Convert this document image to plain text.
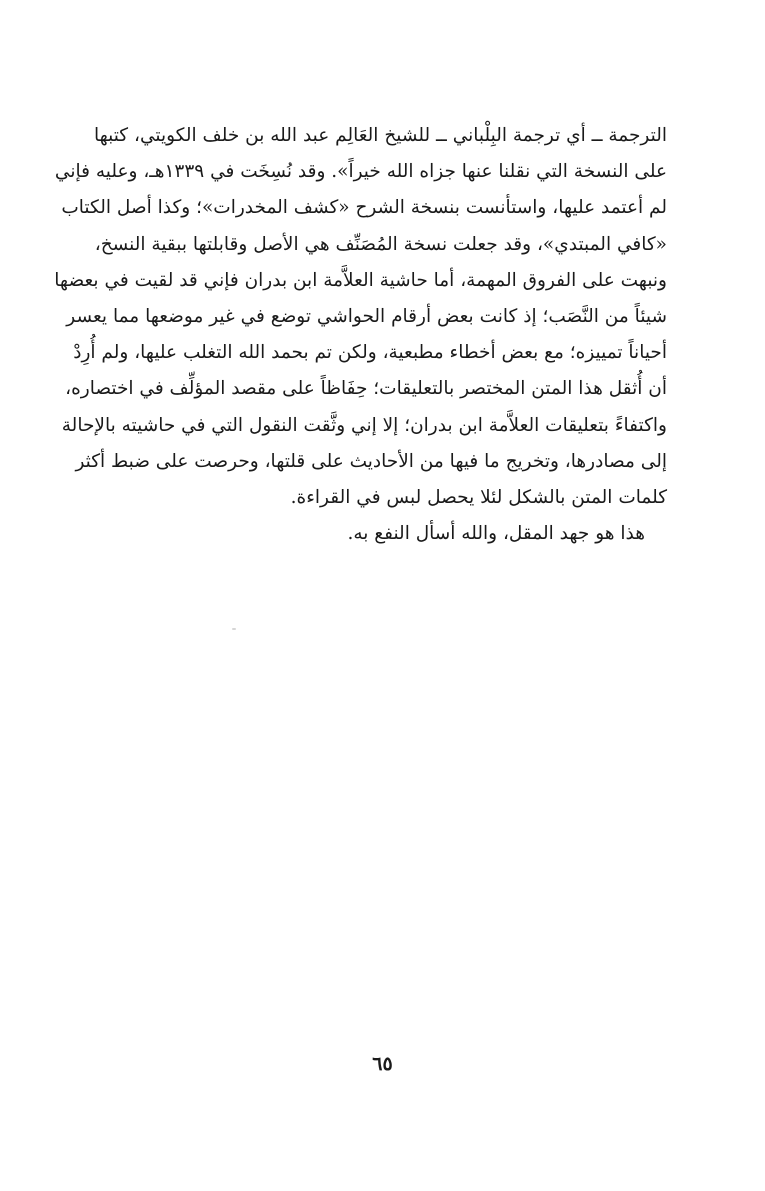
الترجمة ــ أي ترجمة البِلْباني ــ للشيخ العَالِم عبد الله بن خلف الكويتي، كتبها
على النسخة التي نقلنا عنها جزاه الله خيراً». وقد نُسِخَت في ١٣٣٩هـ، وعليه فإني
لم أعتمد عليها، واستأنست بنسخة الشرح «كشف المخدرات»؛ وكذا أصل الكتاب
«كافي المبتدي»، وقد جعلت نسخة المُصَنِّف هي الأصل وقابلتها ببقية النسخ،
ونبهت على الفروق المهمة، أما حاشية العلاَّمة ابن بدران فإني قد لقيت في بعضها
شيئاً من النَّصَب؛ إذ كانت بعض أرقام الحواشي توضع في غير موضعها مما يعسر
أحياناً تمييزه؛ مع بعض أخطاء مطبعية، ولكن تم بحمد الله التغلب عليها، ولم أُرِدْ
أن أُثقل هذا المتن المختصر بالتعليقات؛ حِفَاظاً على مقصد المؤلِّف في اختصاره،
واكتفاءً بتعليقات العلاَّمة ابن بدران؛ إلا إني وثَّقت النقول التي في حاشيته بالإحالة
إلى مصادرها، وتخريج ما فيها من الأحاديث على قلتها، وحرصت على ضبط أكثر
كلمات المتن بالشكل لئلا يحصل لبس في القراءة.
هذا هو جهد المقل، والله أسأل النفع به.
٦٥
